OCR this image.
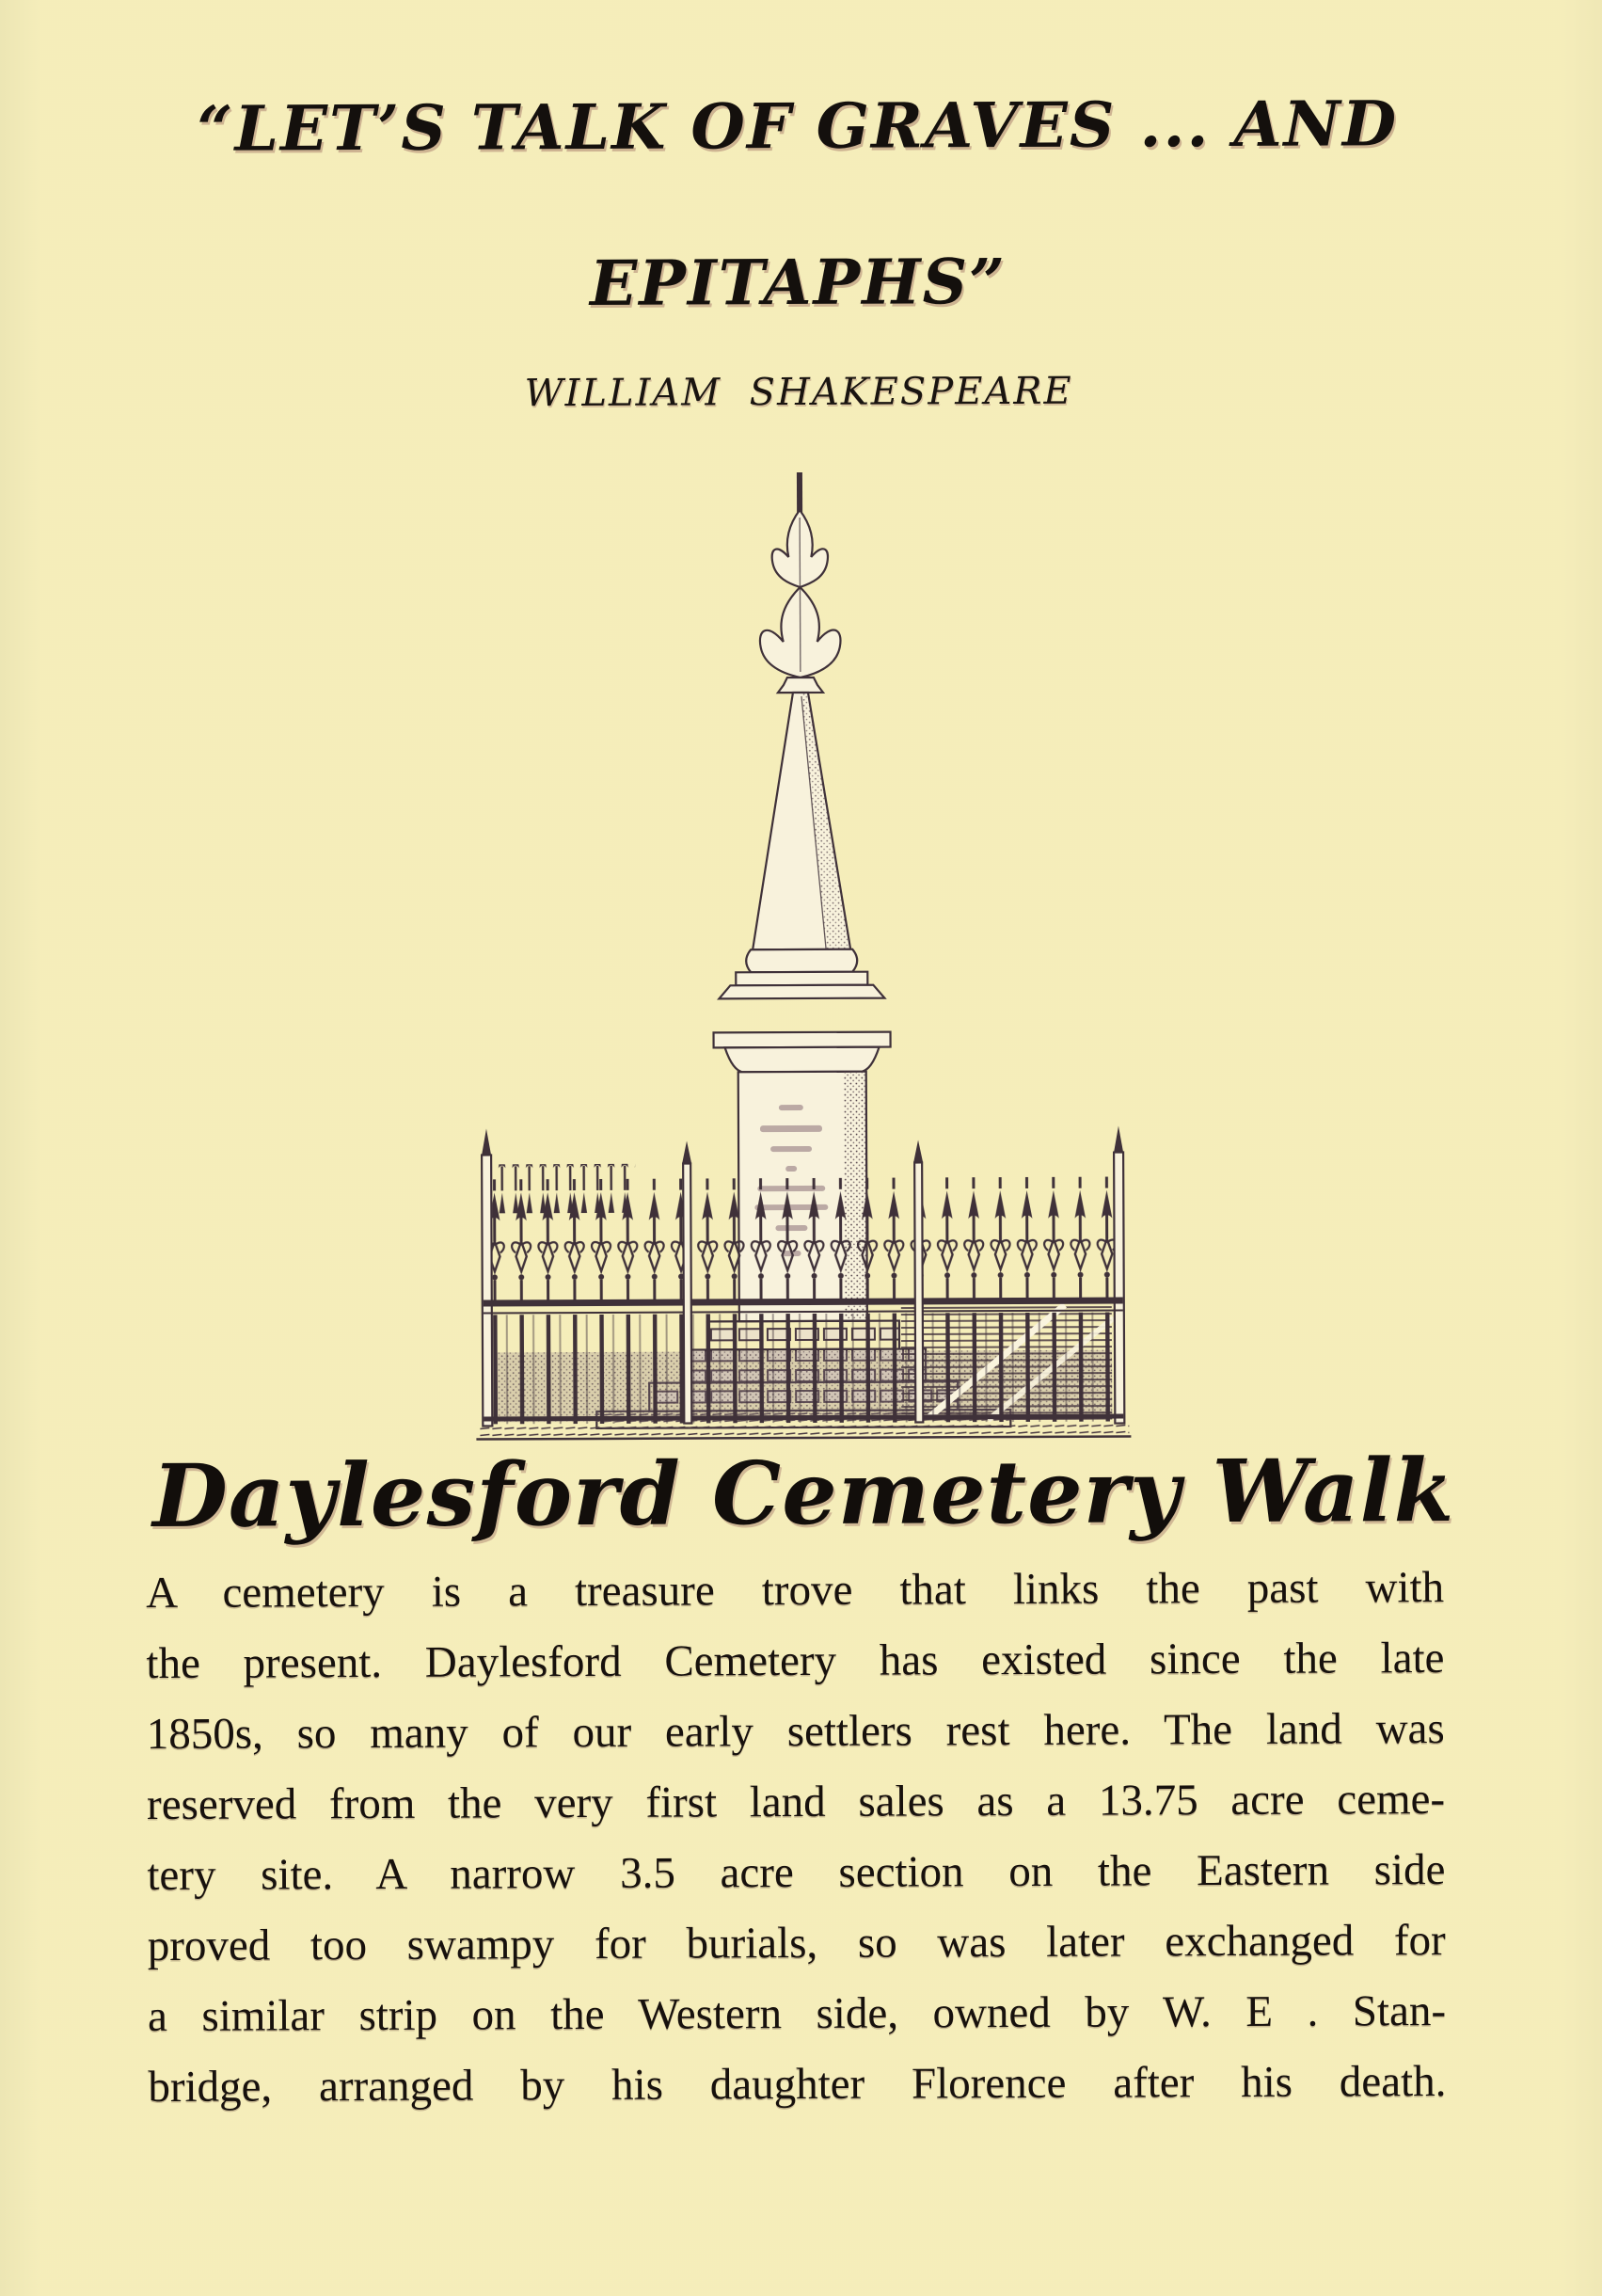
“LET’S TALK OF GRAVES ... AND
EPITAPHS”
WILLIAM  SHAKESPEARE
Daylesford Cemetery Walk
A cemetery is a treasure trove that links the past with
the present. Daylesford Cemetery has existed since the late
1850s, so many of our early settlers rest here. The land was
reserved from the very first land sales as a 13.75 acre ceme-
tery site. A narrow 3.5 acre section on the Eastern side
proved too swampy for burials, so was later exchanged for
a similar strip on the Western side, owned by W. E . Stan-
bridge, arranged by his daughter Florence after his death.
